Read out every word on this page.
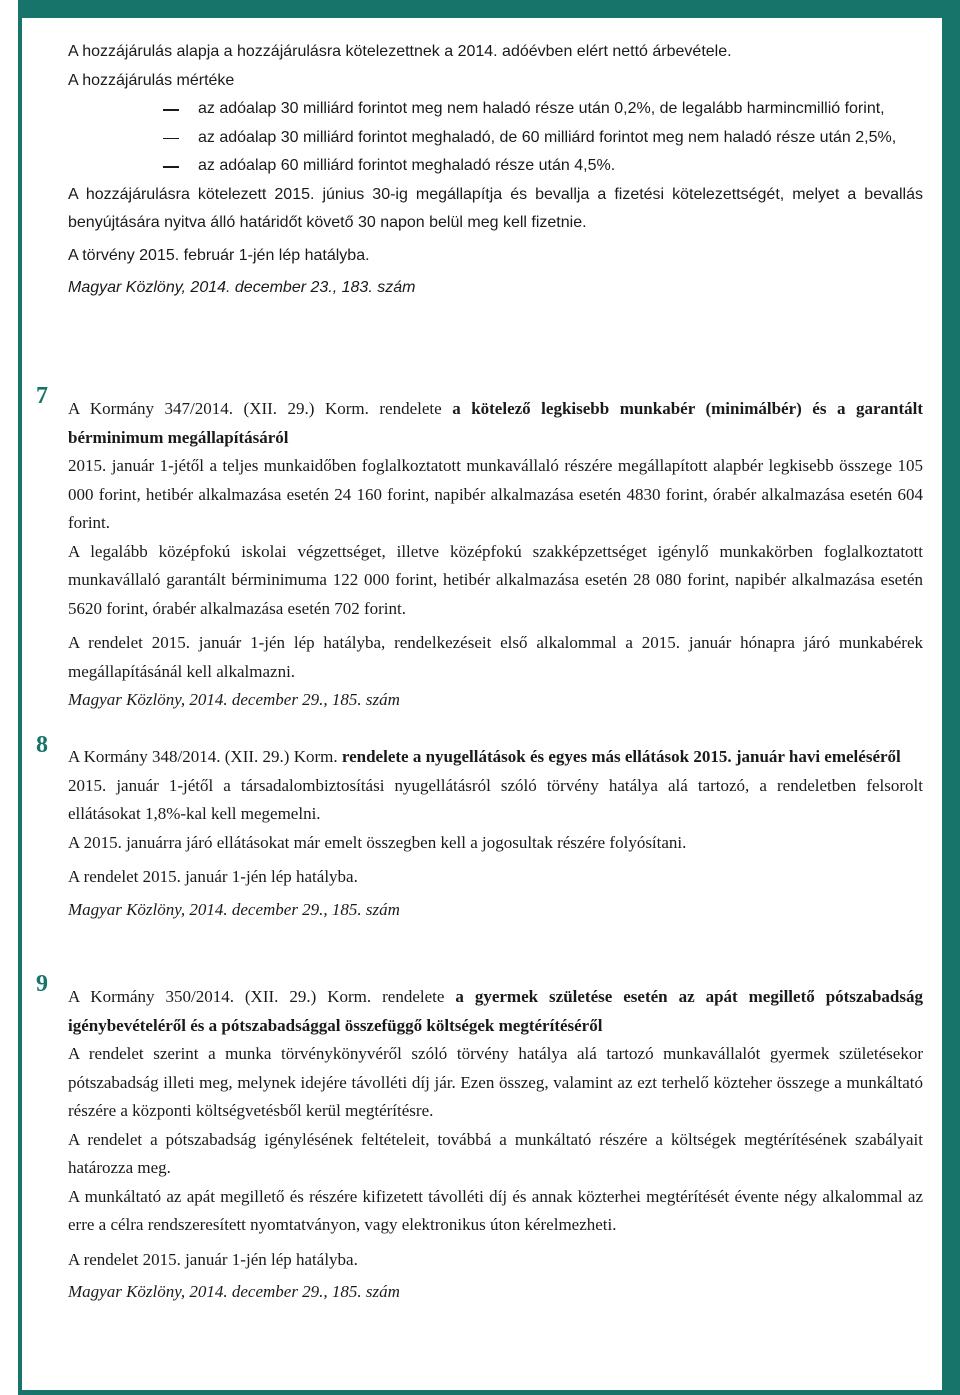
A hozzájárulás alapja a hozzájárulásra kötelezettnek a 2014. adóévben elért nettó árbevétele.

A hozzájárulás mértéke

az adóalap 30 milliárd forintot meg nem haladó része után 0,2%, de legalább harmincmillió forint,

az adóalap 30 milliárd forintot meghaladó, de 60 milliárd forintot meg nem haladó része után 2,5%,

az adóalap 60 milliárd forintot meghaladó része után 4,5%.

A hozzájárulásra kötelezett 2015. június 30-ig megállapítja és bevallja a fizetési kötelezettségét, melyet a bevallás benyújtására nyitva álló határidőt követő 30 napon belül meg kell fizetnie.

A törvény 2015. február 1-jén lép hatályba.

Magyar Közlöny, 2014. december 23., 183. szám

7 A Kormány 347/2014. (XII. 29.) Korm. rendelete a kötelező legkisebb munkabér (minimálbér) és a garantált bérminimum megállapításáról

2015. január 1-jétől a teljes munkaidőben foglalkoztatott munkavállaló részére megállapított alapbér legkisebb összege 105 000 forint, hetibér alkalmazása esetén 24 160 forint, napibér alkalmazása esetén 4830 forint, órabér alkalmazása esetén 604 forint.

A legalább középfokú iskolai végzettséget, illetve középfokú szakképzettséget igénylő munkakörben foglalkoztatott munkavállaló garantált bérminimuma 122 000 forint, hetibér alkalmazása esetén 28 080 forint, napibér alkalmazása esetén 5620 forint, órabér alkalmazása esetén 702 forint.

A rendelet 2015. január 1-jén lép hatályba, rendelkezéseit első alkalommal a 2015. január hónapra járó munkabérek megállapításánál kell alkalmazni.

Magyar Közlöny, 2014. december 29., 185. szám

8 A Kormány 348/2014. (XII. 29.) Korm. rendelete a nyugellátások és egyes más ellátások 2015. január havi emeléséről

2015. január 1-jétől a társadalombiztosítási nyugellátásról szóló törvény hatálya alá tartozó, a rendeletben felsorolt ellátásokat 1,8%-kal kell megemelni.

A 2015. januárra járó ellátásokat már emelt összegben kell a jogosultak részére folyósítani.

A rendelet 2015. január 1-jén lép hatályba.

Magyar Közlöny, 2014. december 29., 185. szám

9 A Kormány 350/2014. (XII. 29.) Korm. rendelete a gyermek születése esetén az apát megillető pótszabadság igénybevételéről és a pótszabadsággal összefüggő költségek megtérítéséről

A rendelet szerint a munka törvénykönyvéről szóló törvény hatálya alá tartozó munkavállalót gyermek születésekor pótszabadság illeti meg, melynek idejére távolléti díj jár. Ezen összeg, valamint az ezt terhelő közteher összege a munkáltató részére a központi költségvetésből kerül megtérítésre.

A rendelet a pótszabadság igénylésének feltételeit, továbbá a munkáltató részére a költségek megtérítésének szabályait határozza meg.

A munkáltató az apát megillető és részére kifizetett távolléti díj és annak közterhei megtérítését évente négy alkalommal az erre a célra rendszeresített nyomtatványon, vagy elektronikus úton kérelmezheti.

A rendelet 2015. január 1-jén lép hatályba.

Magyar Közlöny, 2014. december 29., 185. szám
